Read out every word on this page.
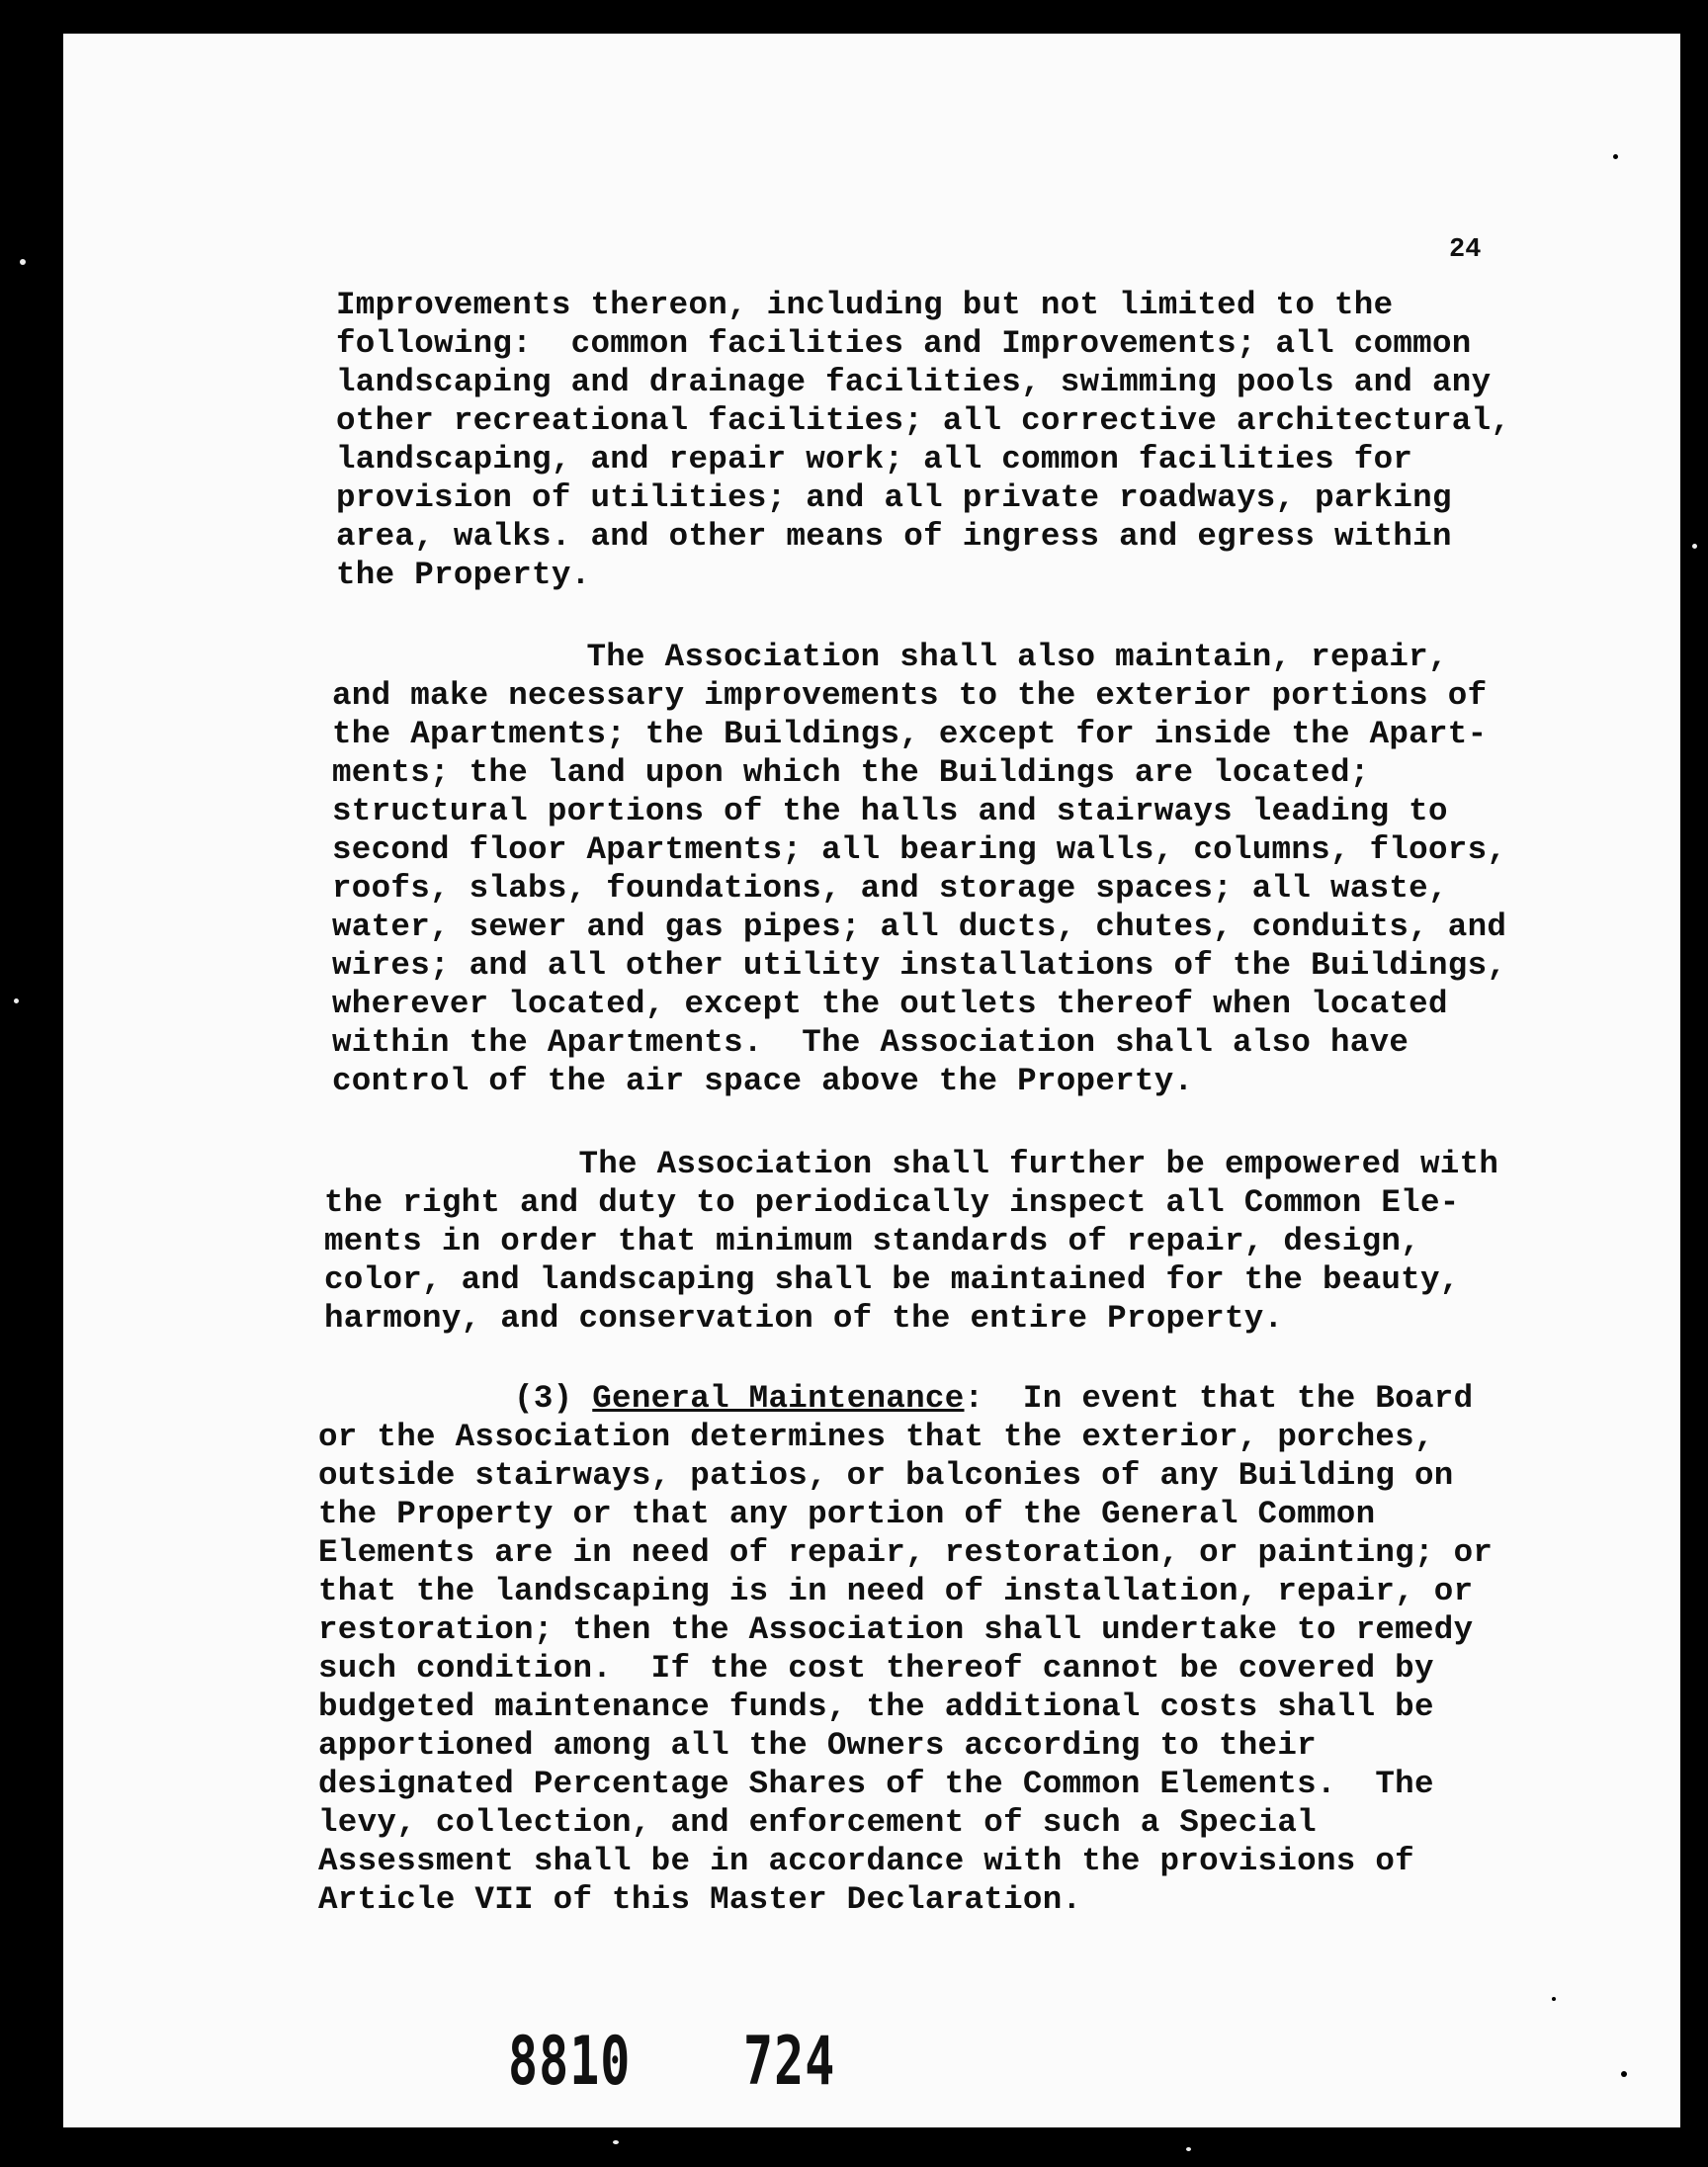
24
Improvements thereon, including but not limited to the
following:  common facilities and Improvements; all common
landscaping and drainage facilities, swimming pools and any
other recreational facilities; all corrective architectural,
landscaping, and repair work; all common facilities for
provision of utilities; and all private roadways, parking
area, walks. and other means of ingress and egress within
the Property.
The Association shall also maintain, repair,
and make necessary improvements to the exterior portions of
the Apartments; the Buildings, except for inside the Apart-
ments; the land upon which the Buildings are located;
structural portions of the halls and stairways leading to
second floor Apartments; all bearing walls, columns, floors,
roofs, slabs, foundations, and storage spaces; all waste,
water, sewer and gas pipes; all ducts, chutes, conduits, and
wires; and all other utility installations of the Buildings,
wherever located, except the outlets thereof when located
within the Apartments.  The Association shall also have
control of the air space above the Property.
The Association shall further be empowered with
the right and duty to periodically inspect all Common Ele-
ments in order that minimum standards of repair, design,
color, and landscaping shall be maintained for the beauty,
harmony, and conservation of the entire Property.
(3) General Maintenance:  In event that the Board
or the Association determines that the exterior, porches,
outside stairways, patios, or balconies of any Building on
the Property or that any portion of the General Common
Elements are in need of repair, restoration, or painting; or
that the landscaping is in need of installation, repair, or
restoration; then the Association shall undertake to remedy
such condition.  If the cost thereof cannot be covered by
budgeted maintenance funds, the additional costs shall be
apportioned among all the Owners according to their
designated Percentage Shares of the Common Elements.  The
levy, collection, and enforcement of such a Special
Assessment shall be in accordance with the provisions of
Article VII of this Master Declaration.
8810 724
